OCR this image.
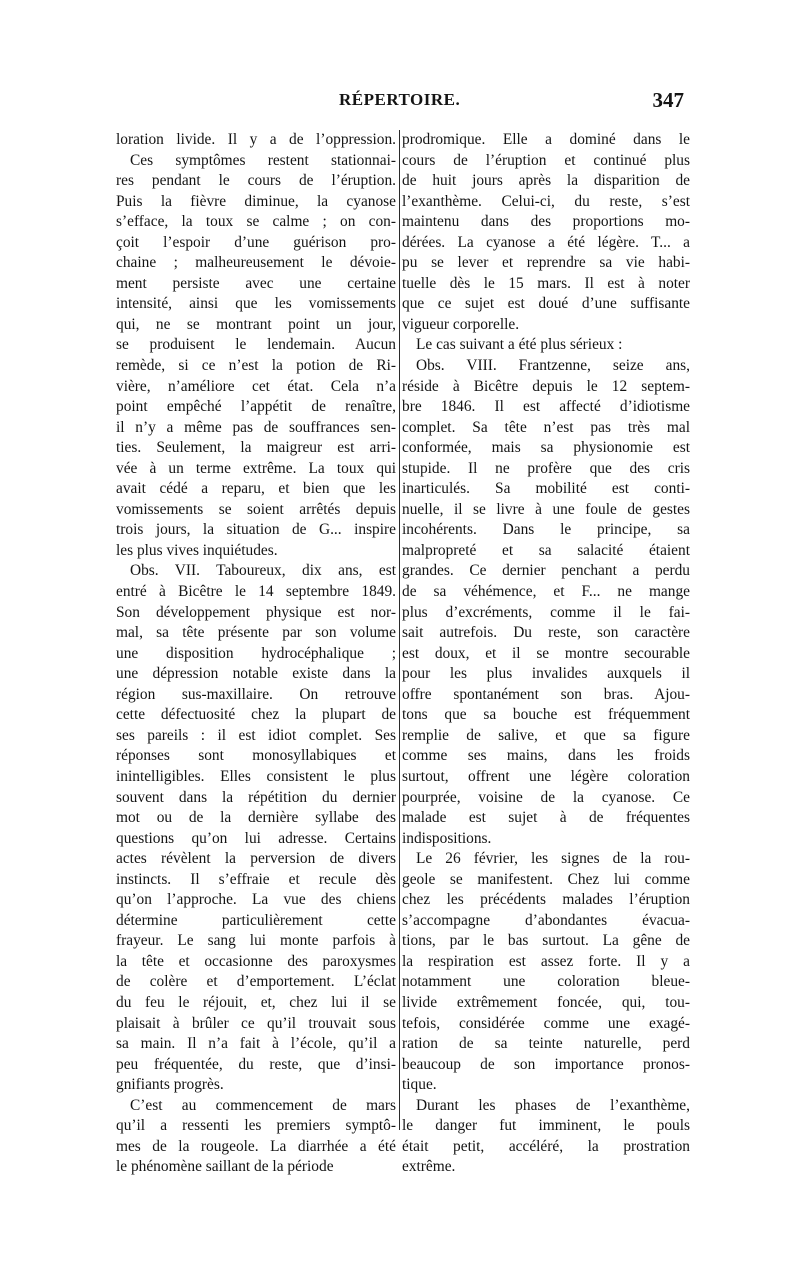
RÉPERTOIRE.	347
loration livide. Il y a de l’oppression.
Ces symptômes restent stationnai-
res pendant le cours de l’éruption.
Puis la fièvre diminue, la cyanose
s’efface, la toux se calme ; on con-
çoit l’espoir d’une guérison pro-
chaine ; malheureusement le dévoie-
ment persiste avec une certaine
intensité, ainsi que les vomissements
qui, ne se montrant point un jour,
se produisent le lendemain. Aucun
remède, si ce n’est la potion de Ri-
vière, n’améliore cet état. Cela n’a
point empêché l’appétit de renaître,
il n’y a même pas de souffrances sen-
ties. Seulement, la maigreur est arri-
vée à un terme extrême. La toux qui
avait cédé a reparu, et bien que les
vomissements se soient arrêtés depuis
trois jours, la situation de G... inspire
les plus vives inquiétudes.
Obs. VII. Taboureux, dix ans, est
entré à Bicêtre le 14 septembre 1849.
Son développement physique est nor-
mal, sa tête présente par son volume
une disposition hydrocéphalique ;
une dépression notable existe dans la
région sus-maxillaire. On retrouve
cette défectuosité chez la plupart de
ses pareils : il est idiot complet. Ses
réponses sont monosyllabiques et
inintelligibles. Elles consistent le plus
souvent dans la répétition du dernier
mot ou de la dernière syllabe des
questions qu’on lui adresse. Certains
actes révèlent la perversion de divers
instincts. Il s’effraie et recule dès
qu’on l’approche. La vue des chiens
détermine particulièrement cette
frayeur. Le sang lui monte parfois à
la tête et occasionne des paroxysmes
de colère et d’emportement. L’éclat
du feu le réjouit, et, chez lui il se
plaisait à brûler ce qu’il trouvait sous
sa main. Il n’a fait à l’école, qu’il a
peu fréquentée, du reste, que d’insi-
gnifiants progrès.
C’est au commencement de mars
qu’il a ressenti les premiers symptô-
mes de la rougeole. La diarrhée a été
le phénomène saillant de la période
prodromique. Elle a dominé dans le
cours de l’éruption et continué plus
de huit jours après la disparition de
l’exanthème. Celui-ci, du reste, s’est
maintenu dans des proportions mo-
dérées. La cyanose a été légère. T... a
pu se lever et reprendre sa vie habi-
tuelle dès le 15 mars. Il est à noter
que ce sujet est doué d’une suffisante
vigueur corporelle.
Le cas suivant a été plus sérieux :
Obs. VIII. Frantzenne, seize ans,
réside à Bicêtre depuis le 12 septem-
bre 1846. Il est affecté d’idiotisme
complet. Sa tête n’est pas très mal
conformée, mais sa physionomie est
stupide. Il ne profère que des cris
inarticulés. Sa mobilité est conti-
nuelle, il se livre à une foule de gestes
incohérents. Dans le principe, sa
malpropreté et sa salacité étaient
grandes. Ce dernier penchant a perdu
de sa véhémence, et F... ne mange
plus d’excréments, comme il le fai-
sait autrefois. Du reste, son caractère
est doux, et il se montre secourable
pour les plus invalides auxquels il
offre spontanément son bras. Ajou-
tons que sa bouche est fréquemment
remplie de salive, et que sa figure
comme ses mains, dans les froids
surtout, offrent une légère coloration
pourprée, voisine de la cyanose. Ce
malade est sujet à de fréquentes
indispositions.
Le 26 février, les signes de la rou-
geole se manifestent. Chez lui comme
chez les précédents malades l’éruption
s’accompagne d’abondantes évacua-
tions, par le bas surtout. La gêne de
la respiration est assez forte. Il y a
notamment une coloration bleue-
livide extrêmement foncée, qui, tou-
tefois, considérée comme une exagé-
ration de sa teinte naturelle, perd
beaucoup de son importance pronos-
tique.
Durant les phases de l’exanthème,
le danger fut imminent, le pouls
était petit, accéléré, la prostration
extrême.
